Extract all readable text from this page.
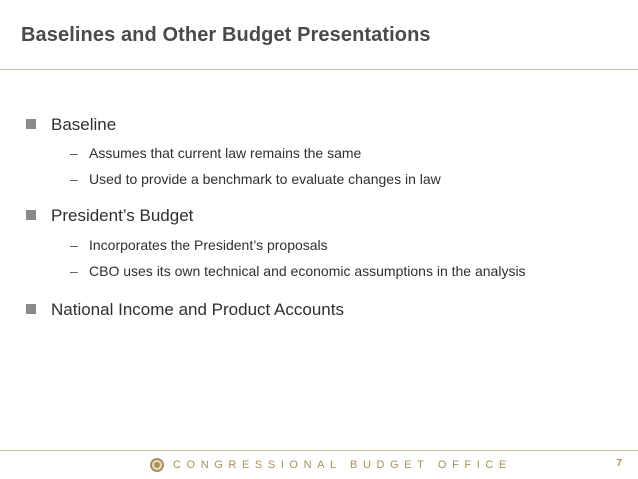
Baselines and Other Budget Presentations
Baseline
– Assumes that current law remains the same
– Used to provide a benchmark to evaluate changes in law
President’s Budget
– Incorporates the President’s proposals
– CBO uses its own technical and economic assumptions in the analysis
National Income and Product Accounts
CONGRESSIONAL BUDGET OFFICE	7
